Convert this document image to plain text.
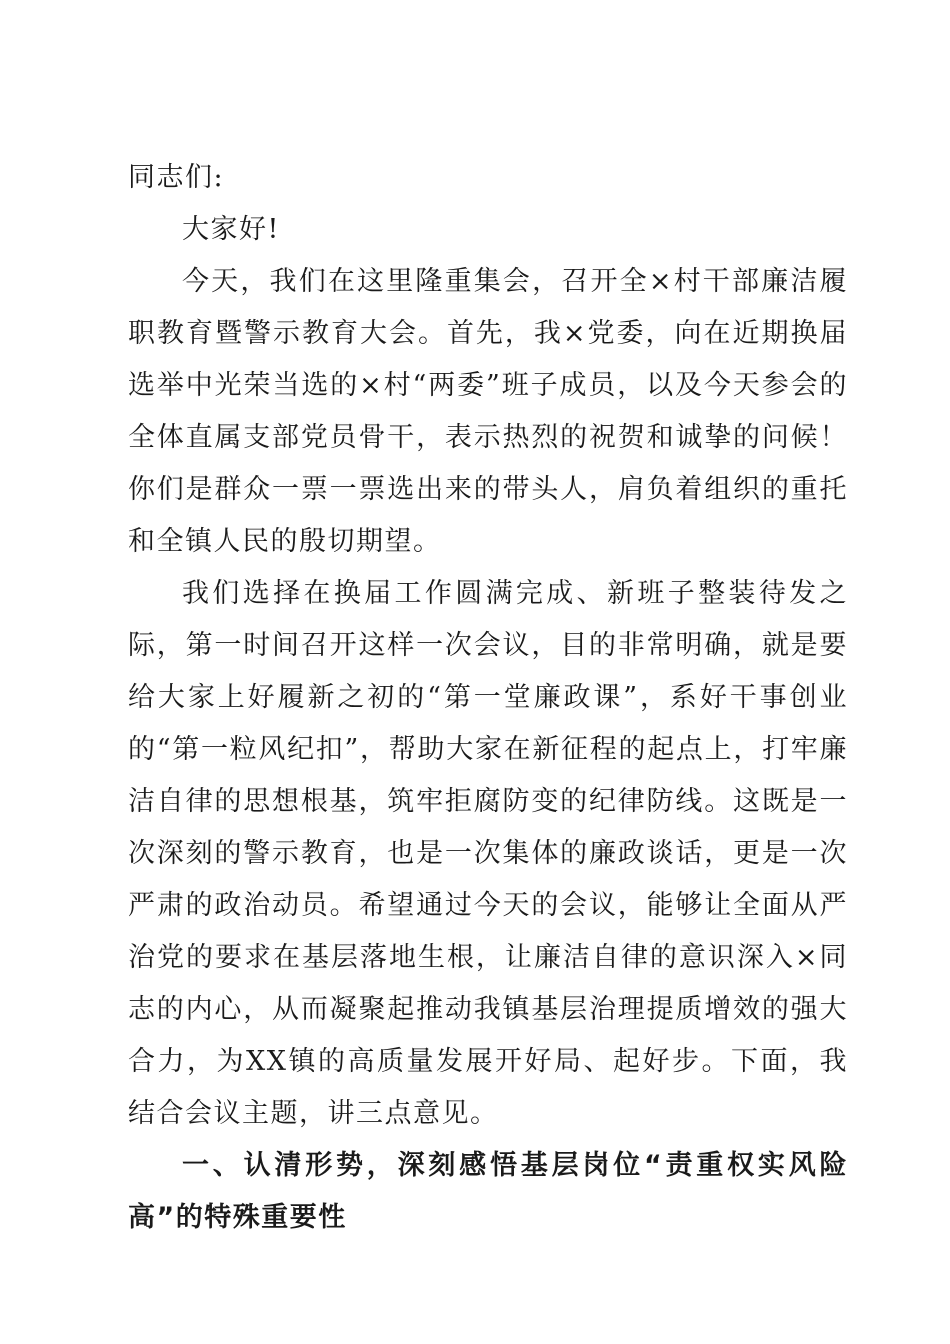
同志们:

大家好!

今天，我们在这里隆重集会，召开全×村干部廉洁履职教育暨警示教育大会。首先，我×党委，向在近期换届选举中光荣当选的×村“两委”班子成员，以及今天参会的全体直属支部党员骨干，表示热烈的祝贺和诚挚的问候！你们是群众一票一票选出来的带头人，肩负着组织的重托和全镇人民的殷切期望。

我们选择在换届工作圆满完成、新班子整装待发之际，第一时间召开这样一次会议，目的非常明确，就是要给大家上好履新之初的“第一堂廉政课”，系好干事创业的“第一粒风纪扣”，帮助大家在新征程的起点上，打牢廉洁自律的思想根基，筑牢拒腐防变的纪律防线。这既是一次深刻的警示教育，也是一次集体的廉政谈话，更是一次严肃的政治动员。希望通过今天的会议，能够让全面从严治党的要求在基层落地生根，让廉洁自律的意识深入×同志的内心，从而凝聚起推动我镇基层治理提质增效的强大合力，为XX镇的高质量发展开好局、起好步。下面，我结合会议主题，讲三点意见。

一、认清形势，深刻感悟基层岗位“责重权实风险高”的特殊重要性
